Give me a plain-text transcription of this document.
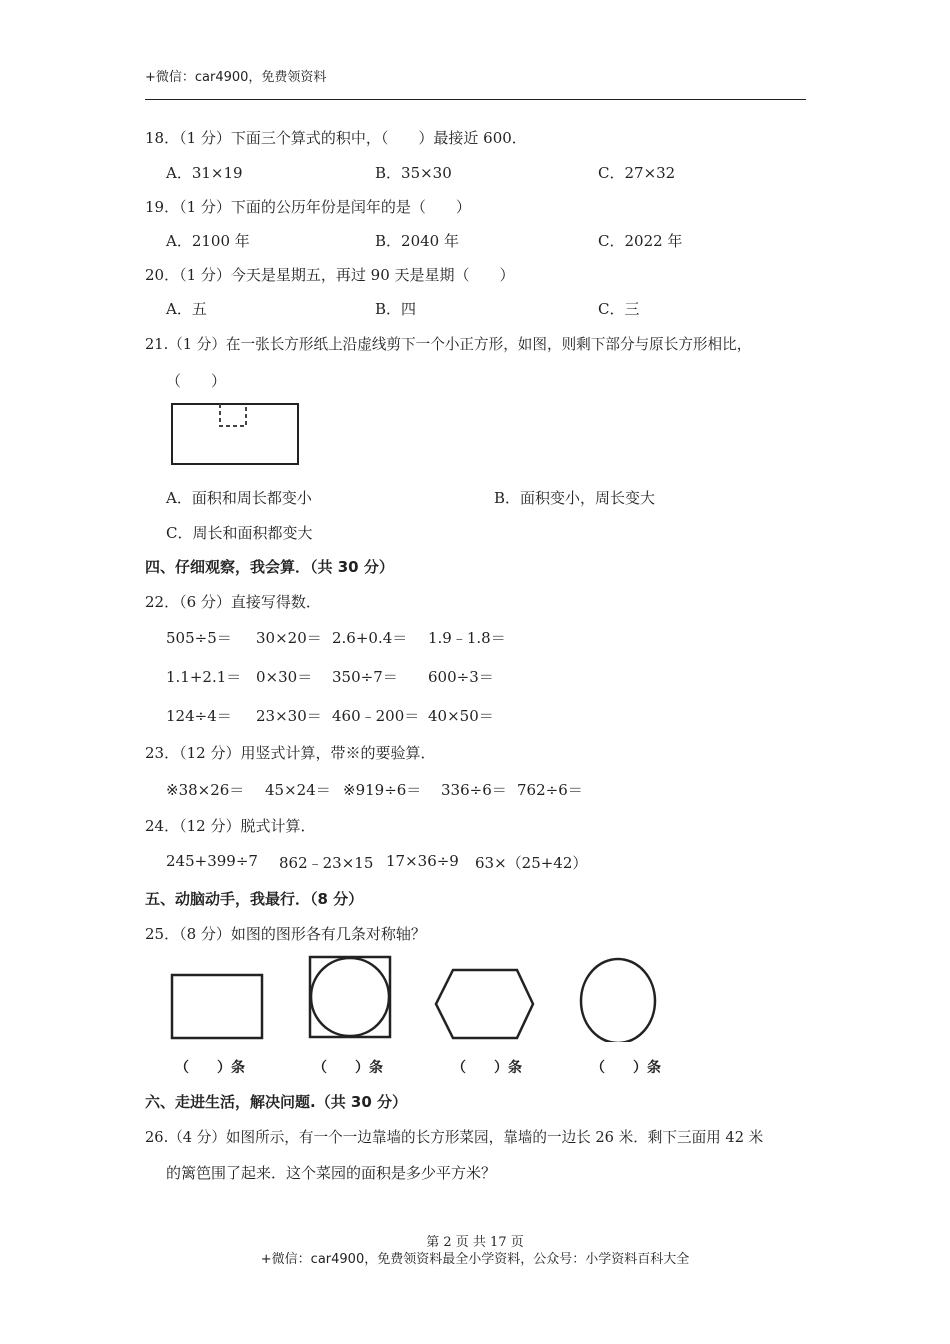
+微信：car4900，免费领资料
18．（1 分）下面三个算式的积中，（　　）最接近 600．
A．31×19	B．35×30	C．27×32
19．（1 分）下面的公历年份是闰年的是（　　）
A．2100 年	B．2040 年	C．2022 年
20．（1 分）今天是星期五，再过 90 天是星期（　　）
A．五	B．四	C．三
21.（1 分）在一张长方形纸上沿虚线剪下一个小正方形，如图，则剩下部分与原长方形相比，
（　　）
A．面积和周长都变小	B．面积变小，周长变大
C．周长和面积都变大
四、仔细观察，我会算．（共 30 分）
22．（6 分）直接写得数．
505÷5＝ 30×20＝ 2.6+0.4＝ 1.9﹣1.8＝
1.1+2.1＝ 0×30＝ 350÷7＝ 600÷3＝
124÷4＝ 23×30＝ 460﹣200＝ 40×50＝
23．（12 分）用竖式计算，带※的要验算．
※38×26＝ 45×24＝ ※919÷6＝ 336÷6＝ 762÷6＝
24．（12 分）脱式计算．
245+399÷7 862﹣23×15 17×36÷9 63×（25+42）
五、动脑动手，我最行．（8 分）
25．（8 分）如图的图形各有几条对称轴？
（　　）条	（　　）条	（　　）条	（　　）条
六、走进生活，解决问题.（共 30 分）
26.（4 分）如图所示，有一个一边靠墙的长方形菜园，靠墙的一边长 26 米．剩下三面用 42 米
的篱笆围了起来．这个菜园的面积是多少平方米？
第 2 页 共 17 页
+微信：car4900，免费领资料最全小学资料，公众号：小学资料百科大全
